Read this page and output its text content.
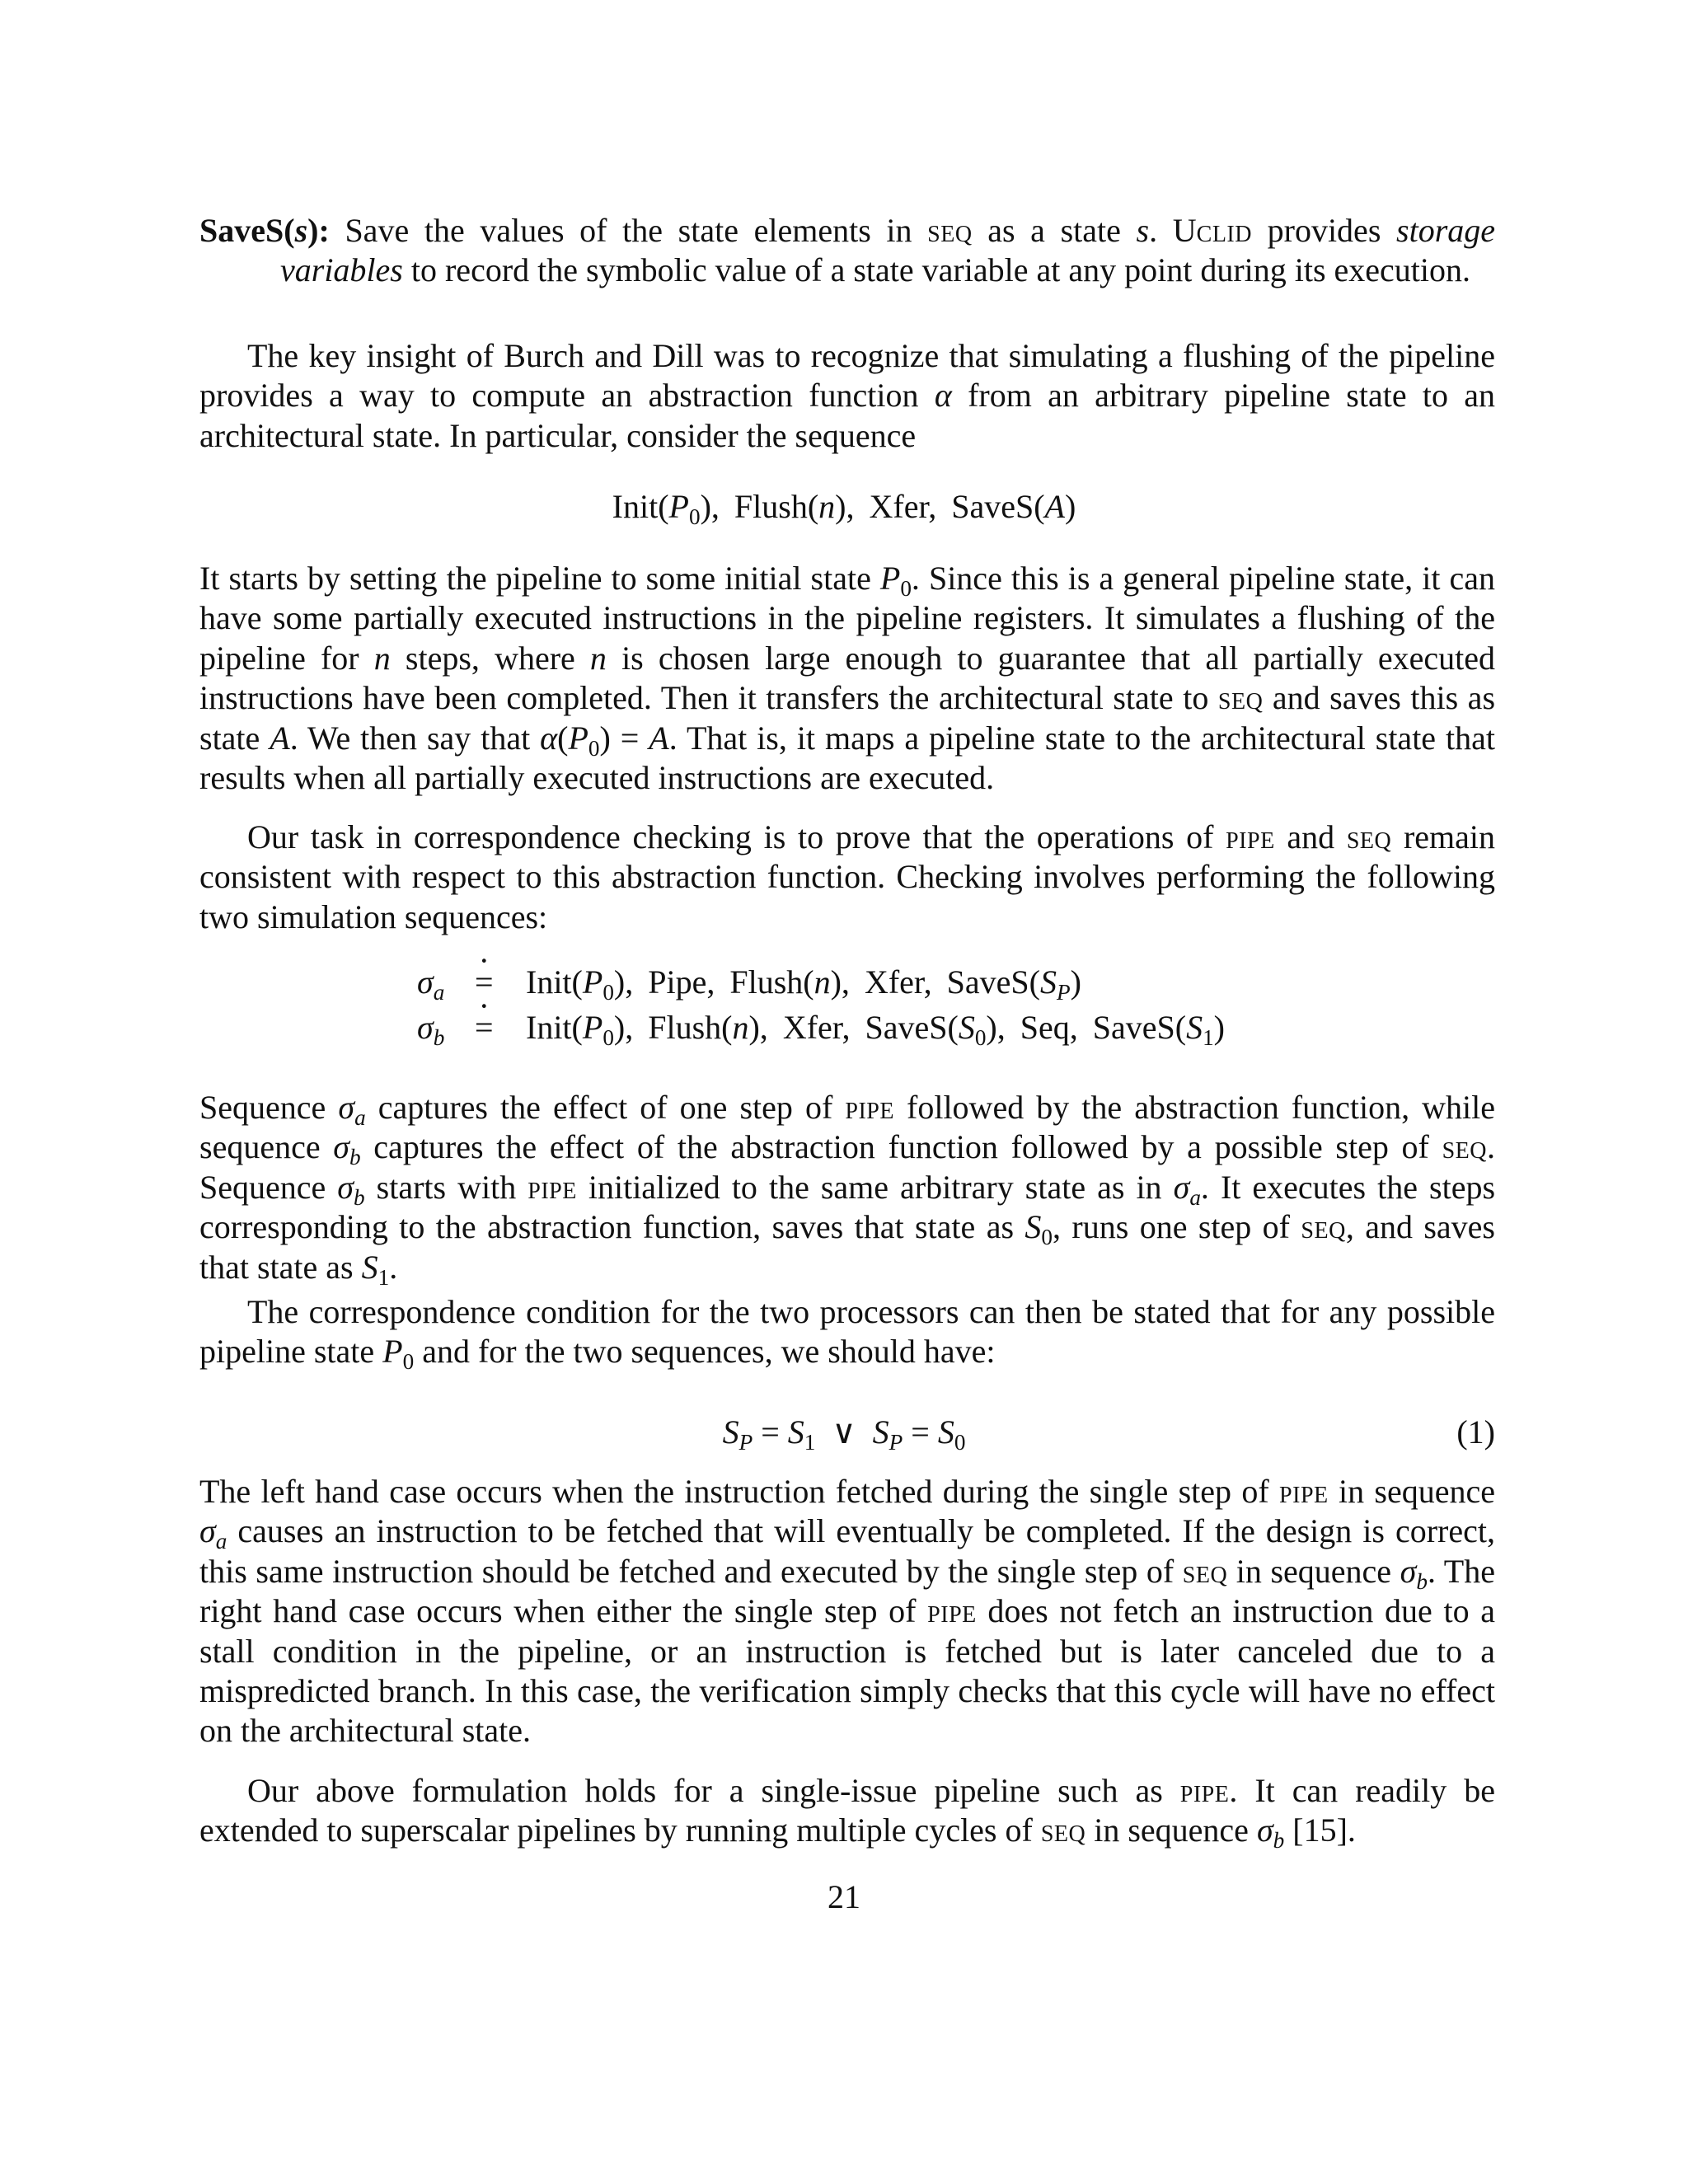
SaveS(s): Save the values of the state elements in seq as a state s. Uclid provides storage variables to record the symbolic value of a state variable at any point during its execution.

The key insight of Burch and Dill was to recognize that simulating a flushing of the pipeline provides a way to compute an abstraction function α from an arbitrary pipeline state to an architectural state. In particular, consider the sequence

$Init(P_0)$,  Flush(n),  Xfer,  SaveS(A)

It starts by setting the pipeline to some initial state $P_0$. Since this is a general pipeline state, it can have some partially executed instructions in the pipeline registers. It simulates a flushing of the pipeline for n steps, where n is chosen large enough to guarantee that all partially executed instructions have been completed. Then it transfers the architectural state to seq and saves this as state A. We then say that $\alpha(P_0) = A$. That is, it maps a pipeline state to the architectural state that results when all partially executed instructions are executed.

Our task in correspondence checking is to prove that the operations of pipe and seq remain consistent with respect to this abstraction function. Checking involves performing the following two simulation sequences:

$\sigma_a$ · = $Init(P_0)$,  Pipe,  Flush(n),  Xfer,  $SaveS(S_P)$
$\sigma_b$ · = $Init(P_0)$,  Flush(n),  Xfer,  $SaveS(S_0)$,  Seq,  $SaveS(S_1)$

Sequence $\sigma_a$ captures the effect of one step of pipe followed by the abstraction function, while sequence $\sigma_b$ captures the effect of the abstraction function followed by a possible step of seq. Sequence $\sigma_b$ starts with pipe initialized to the same arbitrary state as in $\sigma_a$. It executes the steps corresponding to the abstraction function, saves that state as $S_0$, runs one step of seq, and saves that state as $S_1$.

The correspondence condition for the two processors can then be stated that for any possible pipeline state $P_0$ and for the two sequences, we should have:

$S_P = S_1$  ∨  $S_P = S_0$	(1)

The left hand case occurs when the instruction fetched during the single step of pipe in sequence $\sigma_a$ causes an instruction to be fetched that will eventually be completed. If the design is correct, this same instruction should be fetched and executed by the single step of seq in sequence $\sigma_b$. The right hand case occurs when either the single step of pipe does not fetch an instruction due to a stall condition in the pipeline, or an instruction is fetched but is later canceled due to a mispredicted branch. In this case, the verification simply checks that this cycle will have no effect on the architectural state.

Our above formulation holds for a single-issue pipeline such as pipe. It can readily be extended to superscalar pipelines by running multiple cycles of seq in sequence $\sigma_b$ [15].

21
